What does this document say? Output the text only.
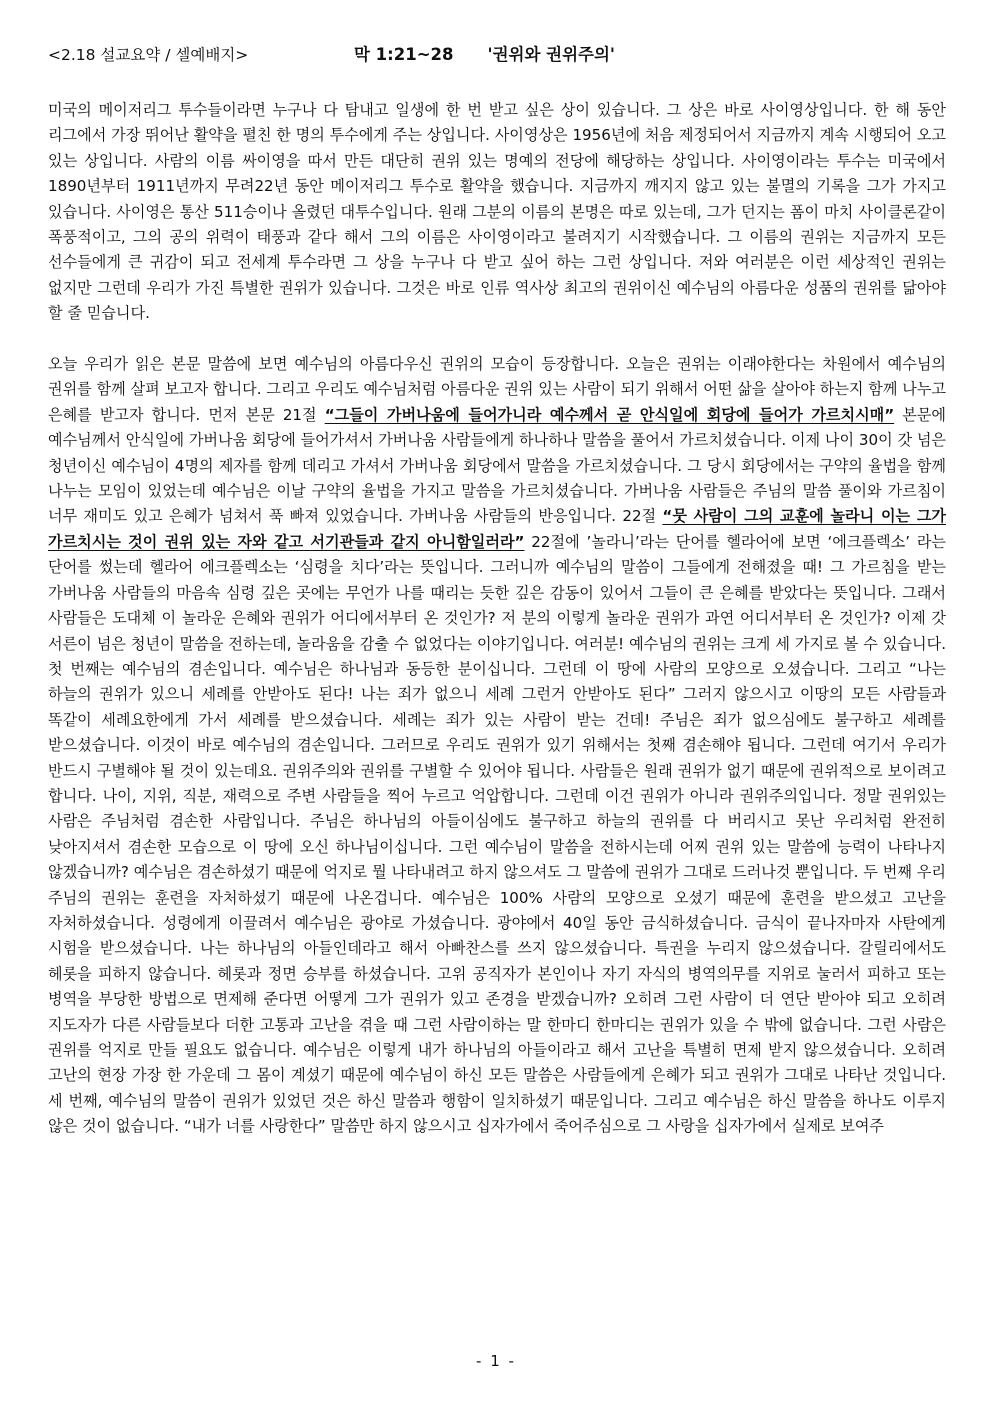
<2.18 설교요약 / 셀예배지>	막 1:21~28 '권위와 권위주의'

미국의 메이저리그 투수들이라면 누구나 다 탐내고 일생에 한 번 받고 싶은 상이 있습니다. 그 상은 바로 사이영상입니다. 한 해 동안 리그에서 가장 뛰어난 활약을 펼친 한 명의 투수에게 주는 상입니다. 사이영상은 1956년에 처음 제정되어서 지금까지 계속 시행되어 오고 있는 상입니다. 사람의 이름 싸이영을 따서 만든 대단히 권위 있는 명예의 전당에 해당하는 상입니다. 사이영이라는 투수는 미국에서 1890년부터 1911년까지 무려22년 동안 메이저리그 투수로 활약을 했습니다. 지금까지 깨지지 않고 있는 불멸의 기록을 그가 가지고 있습니다. 사이영은 통산 511승이나 올렸던 대투수입니다. 원래 그분의 이름의 본명은 따로 있는데, 그가 던지는 폼이 마치 사이클론같이 폭풍적이고, 그의 공의 위력이 태풍과 같다 해서 그의 이름은 사이영이라고 불려지기 시작했습니다. 그 이름의 권위는 지금까지 모든 선수들에게 큰 귀감이 되고 전세계 투수라면 그 상을 누구나 다 받고 싶어 하는 그런 상입니다. 저와 여러분은 이런 세상적인 권위는 없지만 그런데 우리가 가진 특별한 권위가 있습니다. 그것은 바로 인류 역사상 최고의 권위이신 예수님의 아름다운 성품의 권위를 닮아야 할 줄 믿습니다.

오늘 우리가 읽은 본문 말씀에 보면 예수님의 아름다우신 권위의 모습이 등장합니다. 오늘은 권위는 이래야한다는 차원에서 예수님의 권위를 함께 살펴 보고자 합니다. 그리고 우리도 예수님처럼 아름다운 권위 있는 사람이 되기 위해서 어떤 삶을 살아야 하는지 함께 나누고 은혜를 받고자 합니다. 먼저 본문 21절 “그들이 가버나움에 들어가니라 예수께서 곧 안식일에 회당에 들어가 가르치시매” 본문에 예수님께서 안식일에 가버나움 회당에 들어가셔서 가버나움 사람들에게 하나하나 말씀을 풀어서 가르치셨습니다. 이제 나이 30이 갓 넘은 청년이신 예수님이 4명의 제자를 함께 데리고 가셔서 가버나움 회당에서 말씀을 가르치셨습니다. 그 당시 회당에서는 구약의 율법을 함께 나누는 모임이 있었는데 예수님은 이날 구약의 율법을 가지고 말씀을 가르치셨습니다. 가버나움 사람들은 주님의 말씀 풀이와 가르침이 너무 재미도 있고 은혜가 넘쳐서 푹 빠져 있었습니다. 가버나움 사람들의 반응입니다. 22절 “뭇 사람이 그의 교훈에 놀라니 이는 그가 가르치시는 것이 권위 있는 자와 같고 서기관들과 같지 아니함일러라” 22절에 ’놀라니’라는 단어를 헬라어에 보면 ‘에크플렉소’ 라는 단어를 썼는데 헬라어 에크플렉소는 ‘심령을 치다’라는 뜻입니다. 그러니까 예수님의 말씀이 그들에게 전해졌을 때! 그 가르침을 받는 가버나움 사람들의 마음속 심령 깊은 곳에는 무언가 나를 때리는 듯한 깊은 감동이 있어서 그들이 큰 은혜를 받았다는 뜻입니다. 그래서 사람들은 도대체 이 놀라운 은혜와 권위가 어디에서부터 온 것인가? 저 분의 이렇게 놀라운 권위가 과연 어디서부터 온 것인가? 이제 갓 서른이 넘은 청년이 말씀을 전하는데, 놀라움을 감출 수 없었다는 이야기입니다. 여러분! 예수님의 권위는 크게 세 가지로 볼 수 있습니다. 첫 번째는 예수님의 겸손입니다. 예수님은 하나님과 동등한 분이십니다. 그런데 이 땅에 사람의 모양으로 오셨습니다. 그리고 “나는 하늘의 권위가 있으니 세례를 안받아도 된다! 나는 죄가 없으니 세례 그런거 안받아도 된다” 그러지 않으시고 이땅의 모든 사람들과 똑같이 세례요한에게 가서 세례를 받으셨습니다. 세례는 죄가 있는 사람이 받는 건데! 주님은 죄가 없으심에도 불구하고 세례를 받으셨습니다. 이것이 바로 예수님의 겸손입니다. 그러므로 우리도 권위가 있기 위해서는 첫째 겸손해야 됩니다. 그런데 여기서 우리가 반드시 구별해야 될 것이 있는데요. 권위주의와 권위를 구별할 수 있어야 됩니다. 사람들은 원래 권위가 없기 때문에 권위적으로 보이려고 합니다. 나이, 지위, 직분, 재력으로 주변 사람들을 찍어 누르고 억압합니다. 그런데 이건 권위가 아니라 권위주의입니다. 정말 권위있는 사람은 주님처럼 겸손한 사람입니다. 주님은 하나님의 아들이심에도 불구하고 하늘의 권위를 다 버리시고 못난 우리처럼 완전히 낮아지셔서 겸손한 모습으로 이 땅에 오신 하나님이십니다. 그런 예수님이 말씀을 전하시는데 어찌 권위 있는 말씀에 능력이 나타나지 않겠습니까? 예수님은 겸손하셨기 때문에 억지로 뭘 나타내려고 하지 않으셔도 그 말씀에 권위가 그대로 드러나것 뿐입니다. 두 번째 우리 주님의 권위는 훈련을 자처하셨기 때문에 나온겁니다. 예수님은 100% 사람의 모양으로 오셨기 때문에 훈련을 받으셨고 고난을 자처하셨습니다. 성령에게 이끌려서 예수님은 광야로 가셨습니다. 광야에서 40일 동안 금식하셨습니다. 금식이 끝나자마자 사탄에게 시험을 받으셨습니다. 나는 하나님의 아들인데라고 해서 아빠찬스를 쓰지 않으셨습니다. 특권을 누리지 않으셨습니다. 갈릴리에서도 헤롯을 피하지 않습니다. 헤롯과 정면 승부를 하셨습니다. 고위 공직자가 본인이나 자기 자식의 병역의무를 지위로 눌러서 피하고 또는 병역을 부당한 방법으로 면제해 준다면 어떻게 그가 권위가 있고 존경을 받겠습니까? 오히려 그런 사람이 더 연단 받아야 되고 오히려 지도자가 다른 사람들보다 더한 고통과 고난을 겪을 때 그런 사람이하는 말 한마디 한마디는 권위가 있을 수 밖에 없습니다. 그런 사람은 권위를 억지로 만들 필요도 없습니다. 예수님은 이렇게 내가 하나님의 아들이라고 해서 고난을 특별히 면제 받지 않으셨습니다. 오히려 고난의 현장 가장 한 가운데 그 몸이 계셨기 때문에 예수님이 하신 모든 말씀은 사람들에게 은혜가 되고 권위가 그대로 나타난 것입니다. 세 번째, 예수님의 말씀이 권위가 있었던 것은 하신 말씀과 행함이 일치하셨기 때문입니다. 그리고 예수님은 하신 말씀을 하나도 이루지 않은 것이 없습니다. “내가 너를 사랑한다” 말씀만 하지 않으시고 십자가에서 죽어주심으로 그 사랑을 십자가에서 실제로 보여주

- 1 -
